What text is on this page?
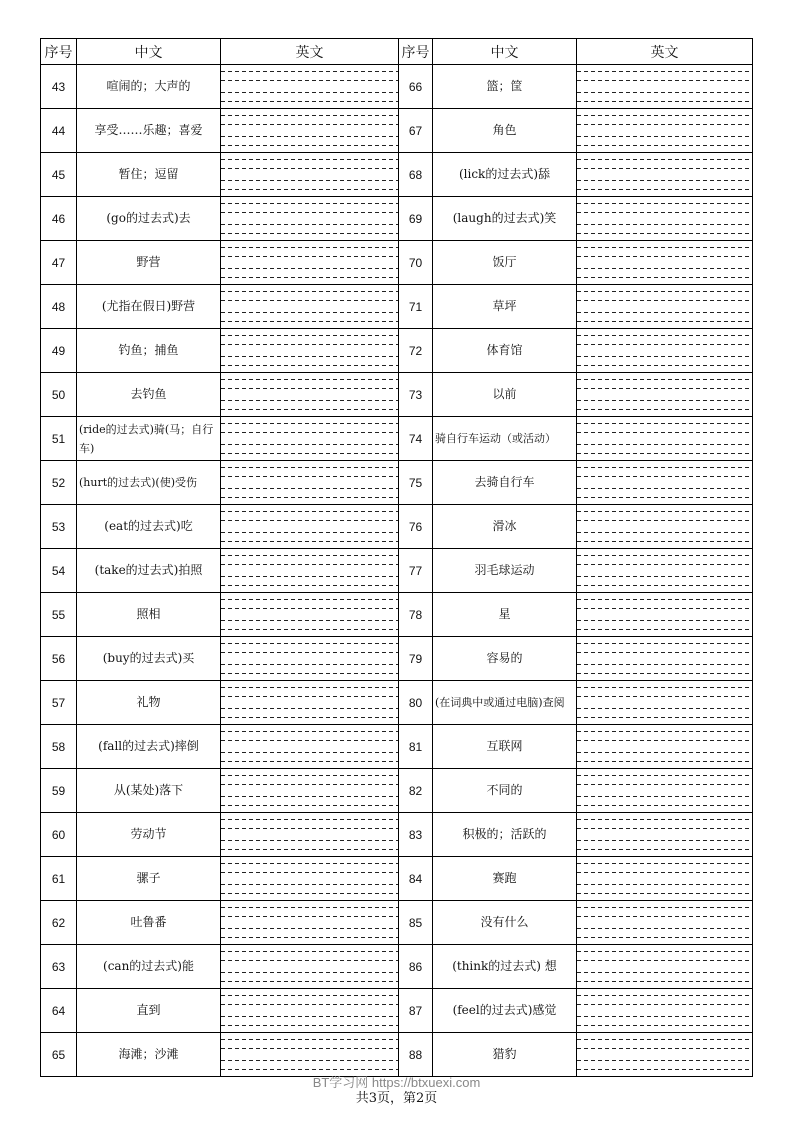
序号	中文	英文	序号	中文	英文
43	喧闹的；大声的		66	篮；筐	

44	享受……乐趣；喜爱		67	角色	

45	暂住；逗留		68	(lick的过去式)舔	

46	(go的过去式)去		69	(laugh的过去式)笑	

47	野营		70	饭厅	

48	(尤指在假日)野营		71	草坪	

49	钓鱼；捕鱼		72	体育馆	

50	去钓鱼		73	以前	

51	(ride的过去式)骑(马；自行车)		74	骑自行车运动（或活动）	

52	(hurt的过去式)(使)受伤		75	去骑自行车	

53	(eat的过去式)吃		76	滑冰	

54	(take的过去式)拍照		77	羽毛球运动	

55	照相		78	星	

56	(buy的过去式)买		79	容易的	

57	礼物		80	(在词典中或通过电脑)查阅	

58	(fall的过去式)摔倒		81	互联网	

59	从(某处)落下		82	不同的	

60	劳动节		83	积极的；活跃的	

61	骡子		84	赛跑	

62	吐鲁番		85	没有什么	

63	(can的过去式)能		86	(think的过去式) 想	

64	直到		87	(feel的过去式)感觉	

65	海滩；沙滩		88	猎豹	
BT学习网 https://btxuexi.com
共3页，第2页
